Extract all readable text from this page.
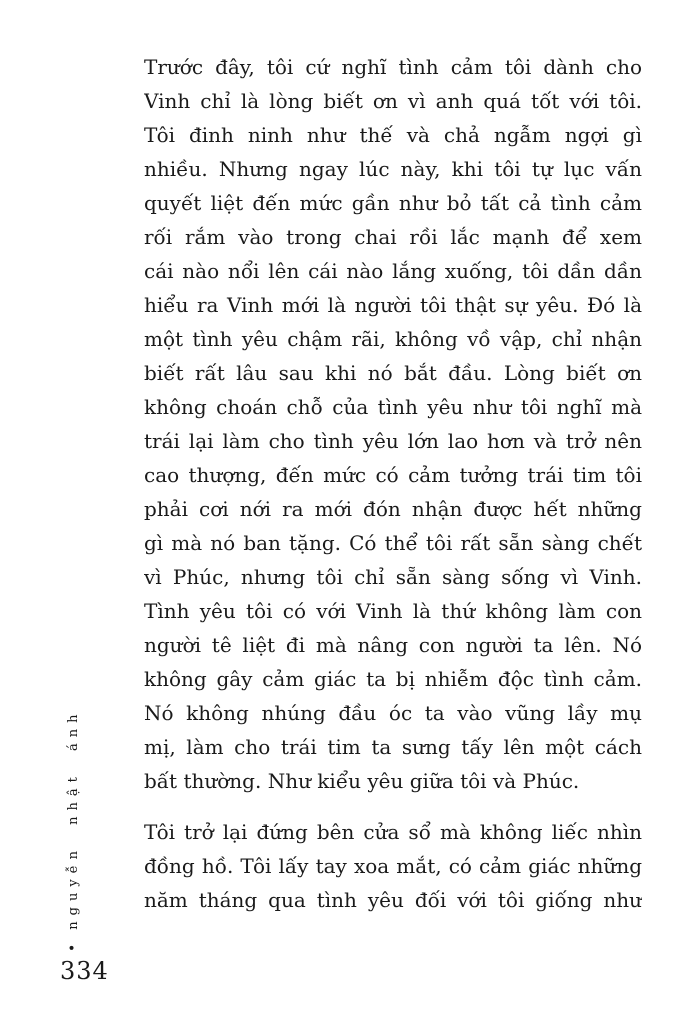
Trước đây, tôi cứ nghĩ tình cảm tôi dành cho
Vinh chỉ là lòng biết ơn vì anh quá tốt với tôi.
Tôi đinh ninh như thế và chả ngẫm ngợi gì
nhiều. Nhưng ngay lúc này, khi tôi tự lục vấn
quyết liệt đến mức gần như bỏ tất cả tình cảm
rối rắm vào trong chai rồi lắc mạnh để xem
cái nào nổi lên cái nào lắng xuống, tôi dần dần
hiểu ra Vinh mới là người tôi thật sự yêu. Đó là
một tình yêu chậm rãi, không vồ vập, chỉ nhận
biết rất lâu sau khi nó bắt đầu. Lòng biết ơn
không choán chỗ của tình yêu như tôi nghĩ mà
trái lại làm cho tình yêu lớn lao hơn và trở nên
cao thượng, đến mức có cảm tưởng trái tim tôi
phải cơi nới ra mới đón nhận được hết những
gì mà nó ban tặng. Có thể tôi rất sẵn sàng chết
vì Phúc, nhưng tôi chỉ sẵn sàng sống vì Vinh.
Tình yêu tôi có với Vinh là thứ không làm con
người tê liệt đi mà nâng con người ta lên. Nó
không gây cảm giác ta bị nhiễm độc tình cảm.
Nó không nhúng đầu óc ta vào vũng lầy mụ
mị, làm cho trái tim ta sưng tấy lên một cách
bất thường. Như kiểu yêu giữa tôi và Phúc.
Tôi trở lại đứng bên cửa sổ mà không liếc nhìn
đồng hồ. Tôi lấy tay xoa mắt, có cảm giác những
năm tháng qua tình yêu đối với tôi giống như
•
nguyễn nhật ánh
334
